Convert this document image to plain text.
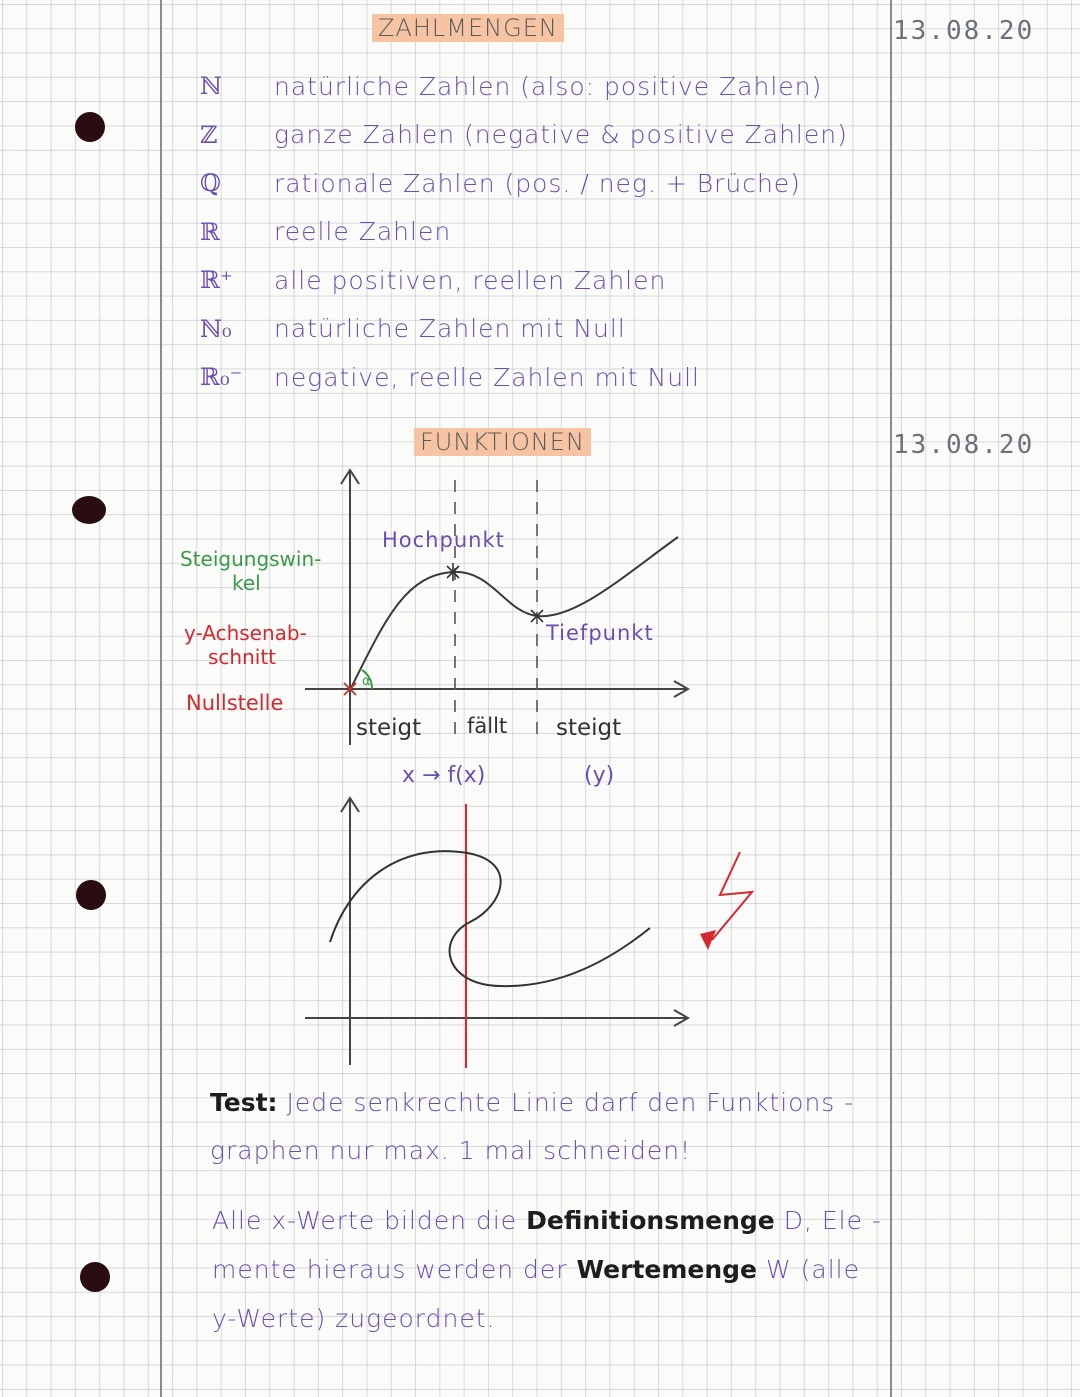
13.08.20
13.08.20
ZAHLMENGEN
ℕ	natürliche Zahlen (also: positive Zahlen)
ℤ	ganze Zahlen (negative & positive Zahlen)
ℚ	rationale Zahlen (pos. / neg. + Brüche)
ℝ	reelle Zahlen
ℝ⁺	alle positiven, reellen Zahlen
ℕ₀	natürliche Zahlen mit Null
ℝ₀⁻	negative, reelle Zahlen mit Null
FUNKTIONEN
α
Hochpunkt
Tiefpunkt
Steigungswin-
kel
y-Achsenab-
schnitt
Nullstelle
steigt fällt steigt
x → f(x)	(y)
Test: Jede senkrechte Linie darf den Funktions -
graphen nur max. 1 mal schneiden!
Alle x-Werte bilden die Definitionsmenge D, Ele -
mente hieraus werden der Wertemenge W (alle
y-Werte) zugeordnet.
